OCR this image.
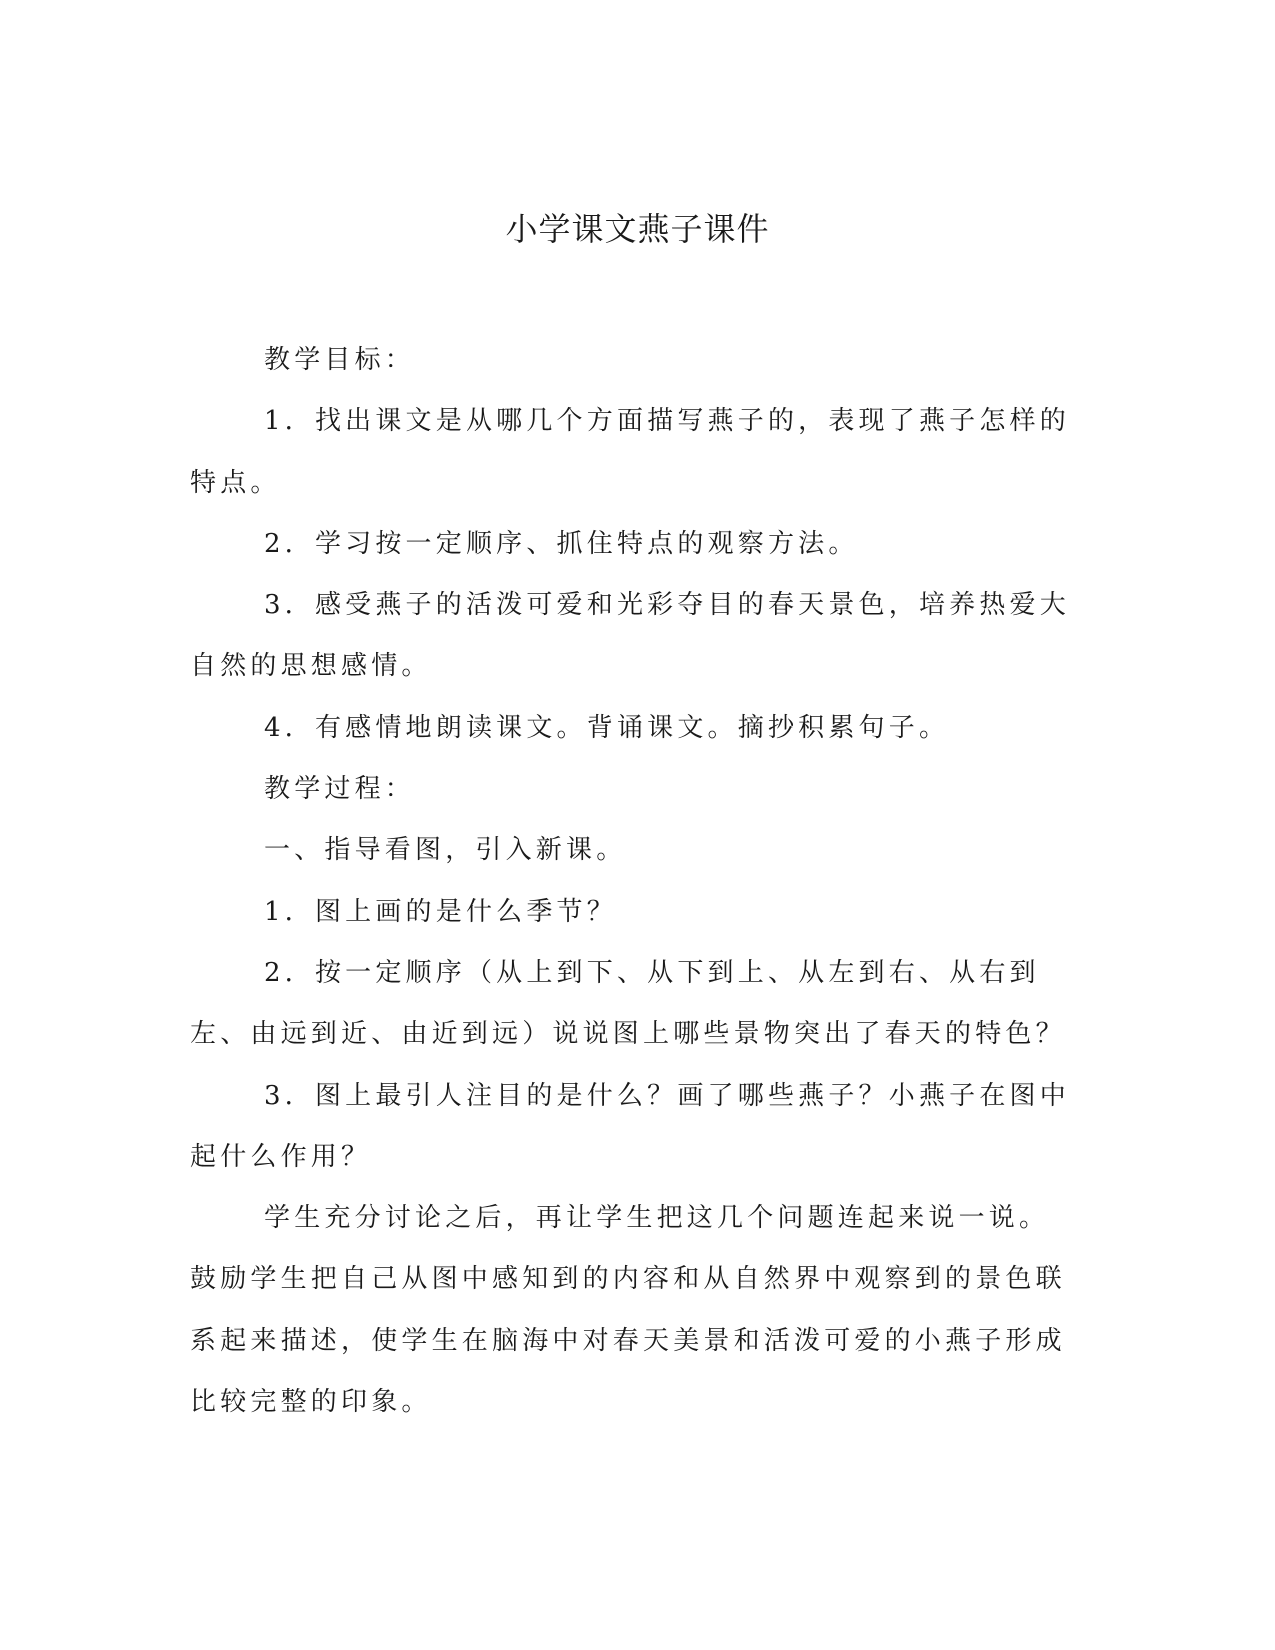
小学课文燕子课件

教学目标：

1．找出课文是从哪几个方面描写燕子的，表现了燕子怎样的特点。

2．学习按一定顺序、抓住特点的观察方法。

3．感受燕子的活泼可爱和光彩夺目的春天景色，培养热爱大自然的思想感情。

4．有感情地朗读课文。背诵课文。摘抄积累句子。

教学过程：

一、指导看图，引入新课。

1．图上画的是什么季节？

2．按一定顺序（从上到下、从下到上、从左到右、从右到左、由远到近、由近到远）说说图上哪些景物突出了春天的特色？

3．图上最引人注目的是什么？画了哪些燕子？小燕子在图中起什么作用？

学生充分讨论之后，再让学生把这几个问题连起来说一说。鼓励学生把自己从图中感知到的内容和从自然界中观察到的景色联系起来描述，使学生在脑海中对春天美景和活泼可爱的小燕子形成比较完整的印象。
